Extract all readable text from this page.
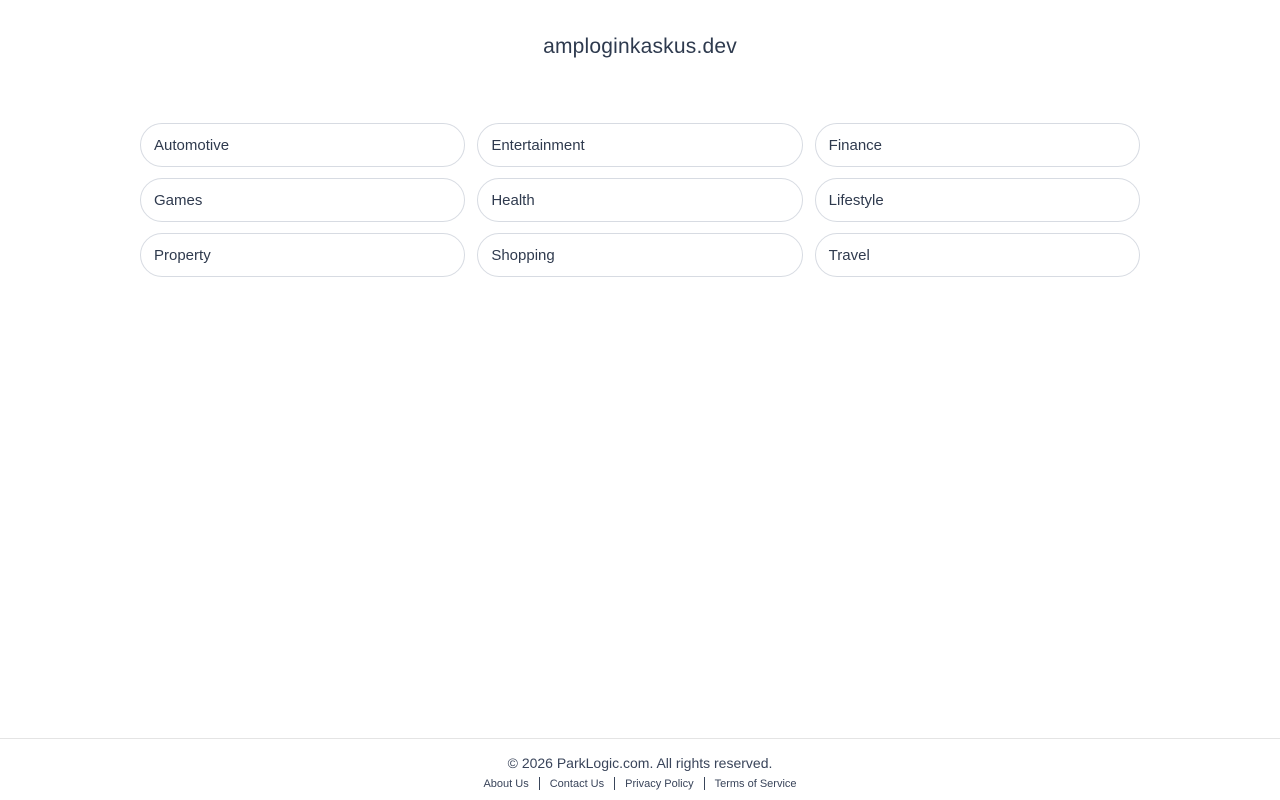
amploginkaskus.dev
Automotive	Entertainment	Finance
Games	Health	Lifestyle
Property	Shopping	Travel
© 2026 ParkLogic.com. All rights reserved.
About Us	Contact Us	Privacy Policy	Terms of Service
